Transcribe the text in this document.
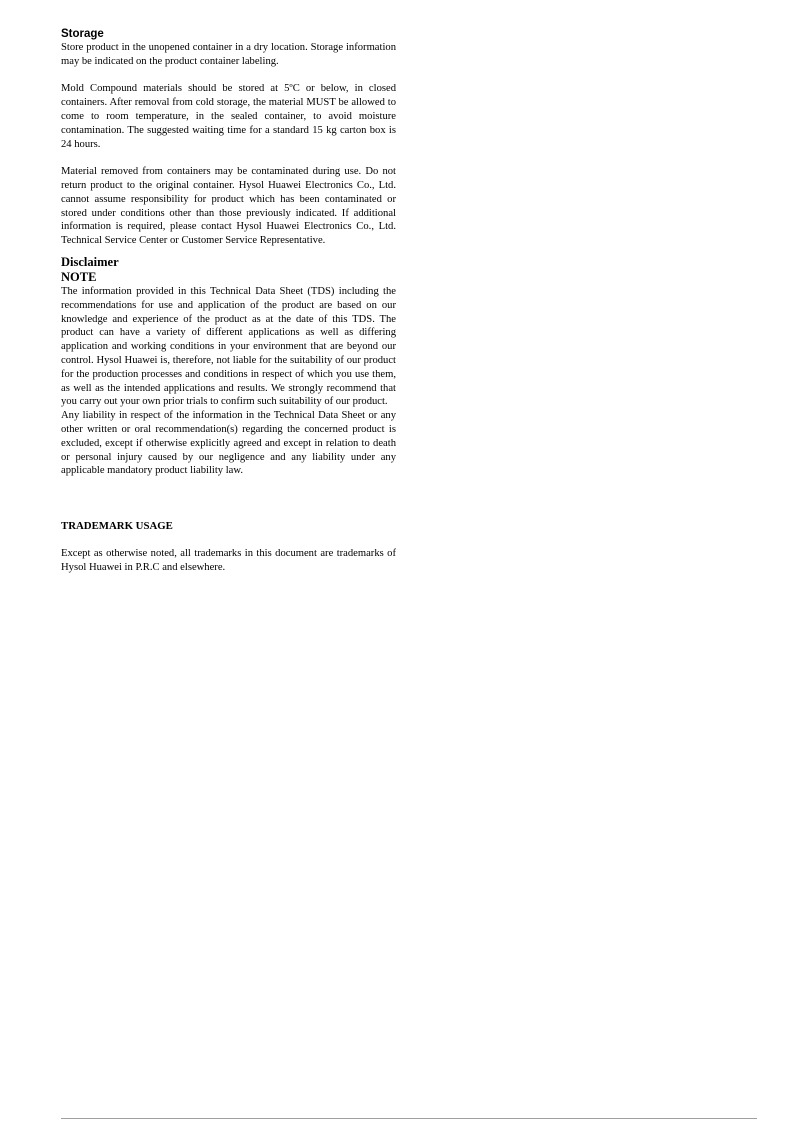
Storage

Store product in the unopened container in a dry location. Storage information may be indicated on the product container labeling.

Mold Compound materials should be stored at 5ºC or below, in closed containers. After removal from cold storage, the material MUST be allowed to come to room temperature, in the sealed container, to avoid moisture contamination. The suggested waiting time for a standard 15 kg carton box is 24 hours.

Material removed from containers may be contaminated during use. Do not return product to the original container. Hysol Huawei Electronics Co., Ltd. cannot assume responsibility for product which has been contaminated or stored under conditions other than those previously indicated. If additional information is required, please contact Hysol Huawei Electronics Co., Ltd. Technical Service Center or Customer Service Representative.

Disclaimer
NOTE

The information provided in this Technical Data Sheet (TDS) including the recommendations for use and application of the product are based on our knowledge and experience of the product as at the date of this TDS. The product can have a variety of different applications as well as differing application and working conditions in your environment that are beyond our control. Hysol Huawei is, therefore, not liable for the suitability of our product for the production processes and conditions in respect of which you use them, as well as the intended applications and results. We strongly recommend that you carry out your own prior trials to confirm such suitability of our product.

Any liability in respect of the information in the Technical Data Sheet or any other written or oral recommendation(s) regarding the concerned product is excluded, except if otherwise explicitly agreed and except in relation to death or personal injury caused by our negligence and any liability under any applicable mandatory product liability law.

TRADEMARK USAGE

Except as otherwise noted, all trademarks in this document are trademarks of Hysol Huawei in P.R.C and elsewhere.
